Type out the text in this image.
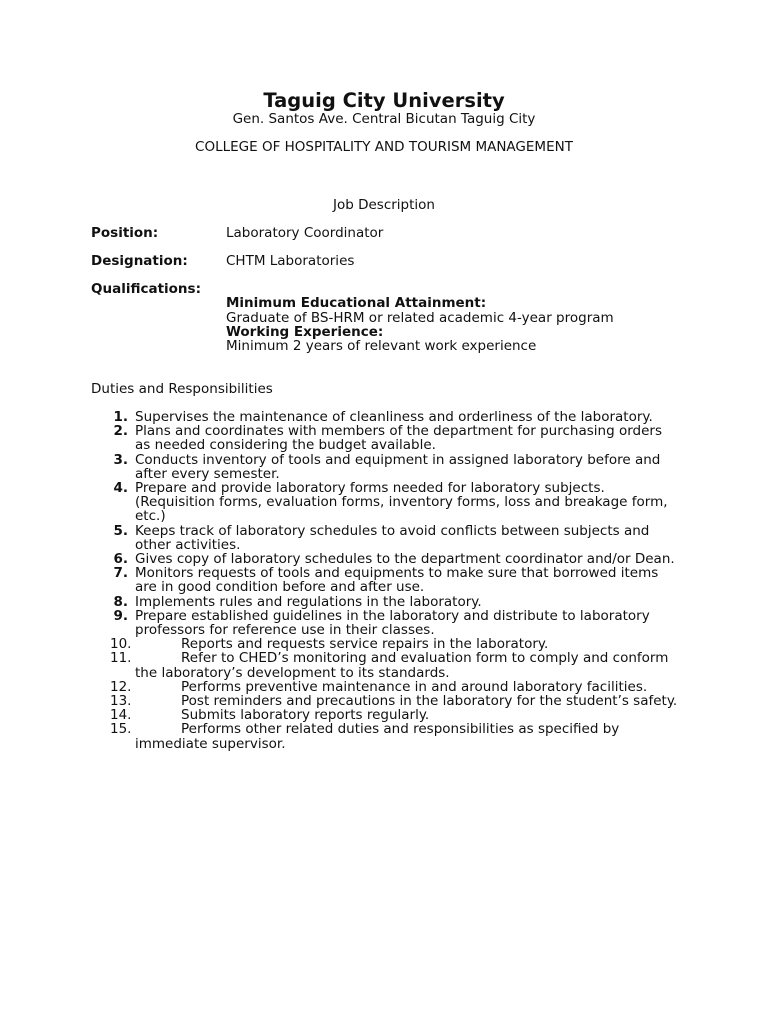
Taguig City University
Gen. Santos Ave. Central Bicutan Taguig City
COLLEGE OF HOSPITALITY AND TOURISM MANAGEMENT
Job Description
Position:	Laboratory Coordinator
Designation:	CHTM Laboratories
Qualifications:
Minimum Educational Attainment:
Graduate of BS-HRM or related academic 4-year program
Working Experience:
Minimum 2 years of relevant work experience
Duties and Responsibilities
1. Supervises the maintenance of cleanliness and orderliness of the laboratory.
2. Plans and coordinates with members of the department for purchasing orders as needed considering the budget available.
3. Conducts inventory of tools and equipment in assigned laboratory before and after every semester.
4. Prepare and provide laboratory forms needed for laboratory subjects. (Requisition forms, evaluation forms, inventory forms, loss and breakage form, etc.)
5. Keeps track of laboratory schedules to avoid conflicts between subjects and other activities.
6. Gives copy of laboratory schedules to the department coordinator and/or Dean.
7. Monitors requests of tools and equipments to make sure that borrowed items are in good condition before and after use.
8. Implements rules and regulations in the laboratory.
9. Prepare established guidelines in the laboratory and distribute to laboratory professors for reference use in their classes.
10.	Reports and requests service repairs in the laboratory.
11.	Refer to CHED’s monitoring and evaluation form to comply and conform the laboratory’s development to its standards.
12.	Performs preventive maintenance in and around laboratory facilities.
13.	Post reminders and precautions in the laboratory for the student’s safety.
14.	Submits laboratory reports regularly.
15.	Performs other related duties and responsibilities as specified by immediate supervisor.
